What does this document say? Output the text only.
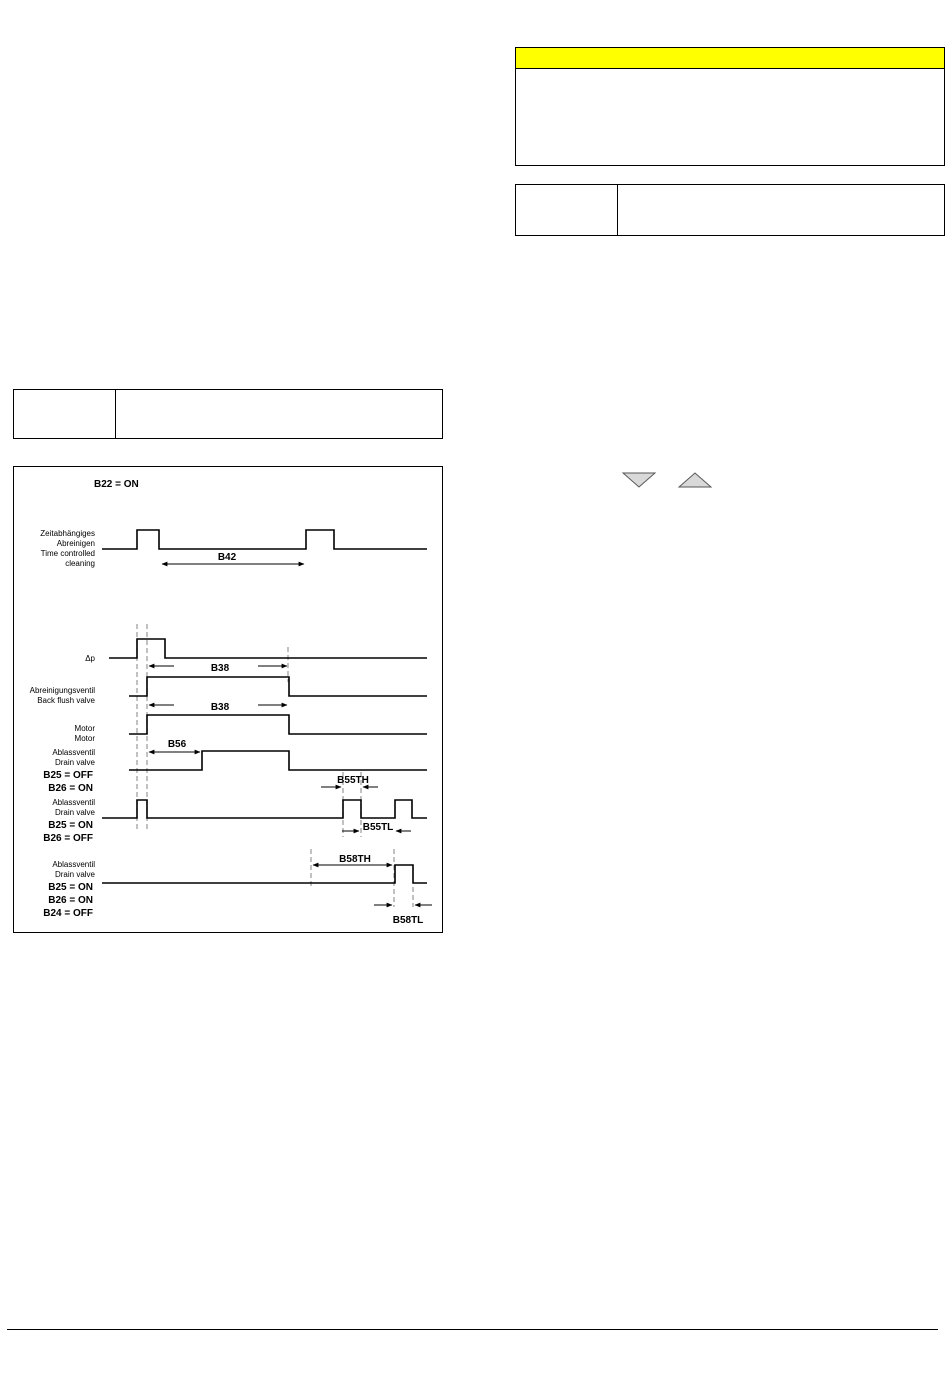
B22 = ON
Zeitabhängiges
Abreinigen
Time controlled
cleaning
Δp
Abreinigungsventil
Back flush valve
Motor
Motor
Ablassventil
Drain valve
B25 = OFF
B26 = ON
Ablassventil
Drain valve
B25 = ON
B26 = OFF
Ablassventil
Drain valve
B25 = ON
B26 = ON
B24 = OFF
B42
B38
B38
B56
B55TH
B55TL
B58TH
B58TL
